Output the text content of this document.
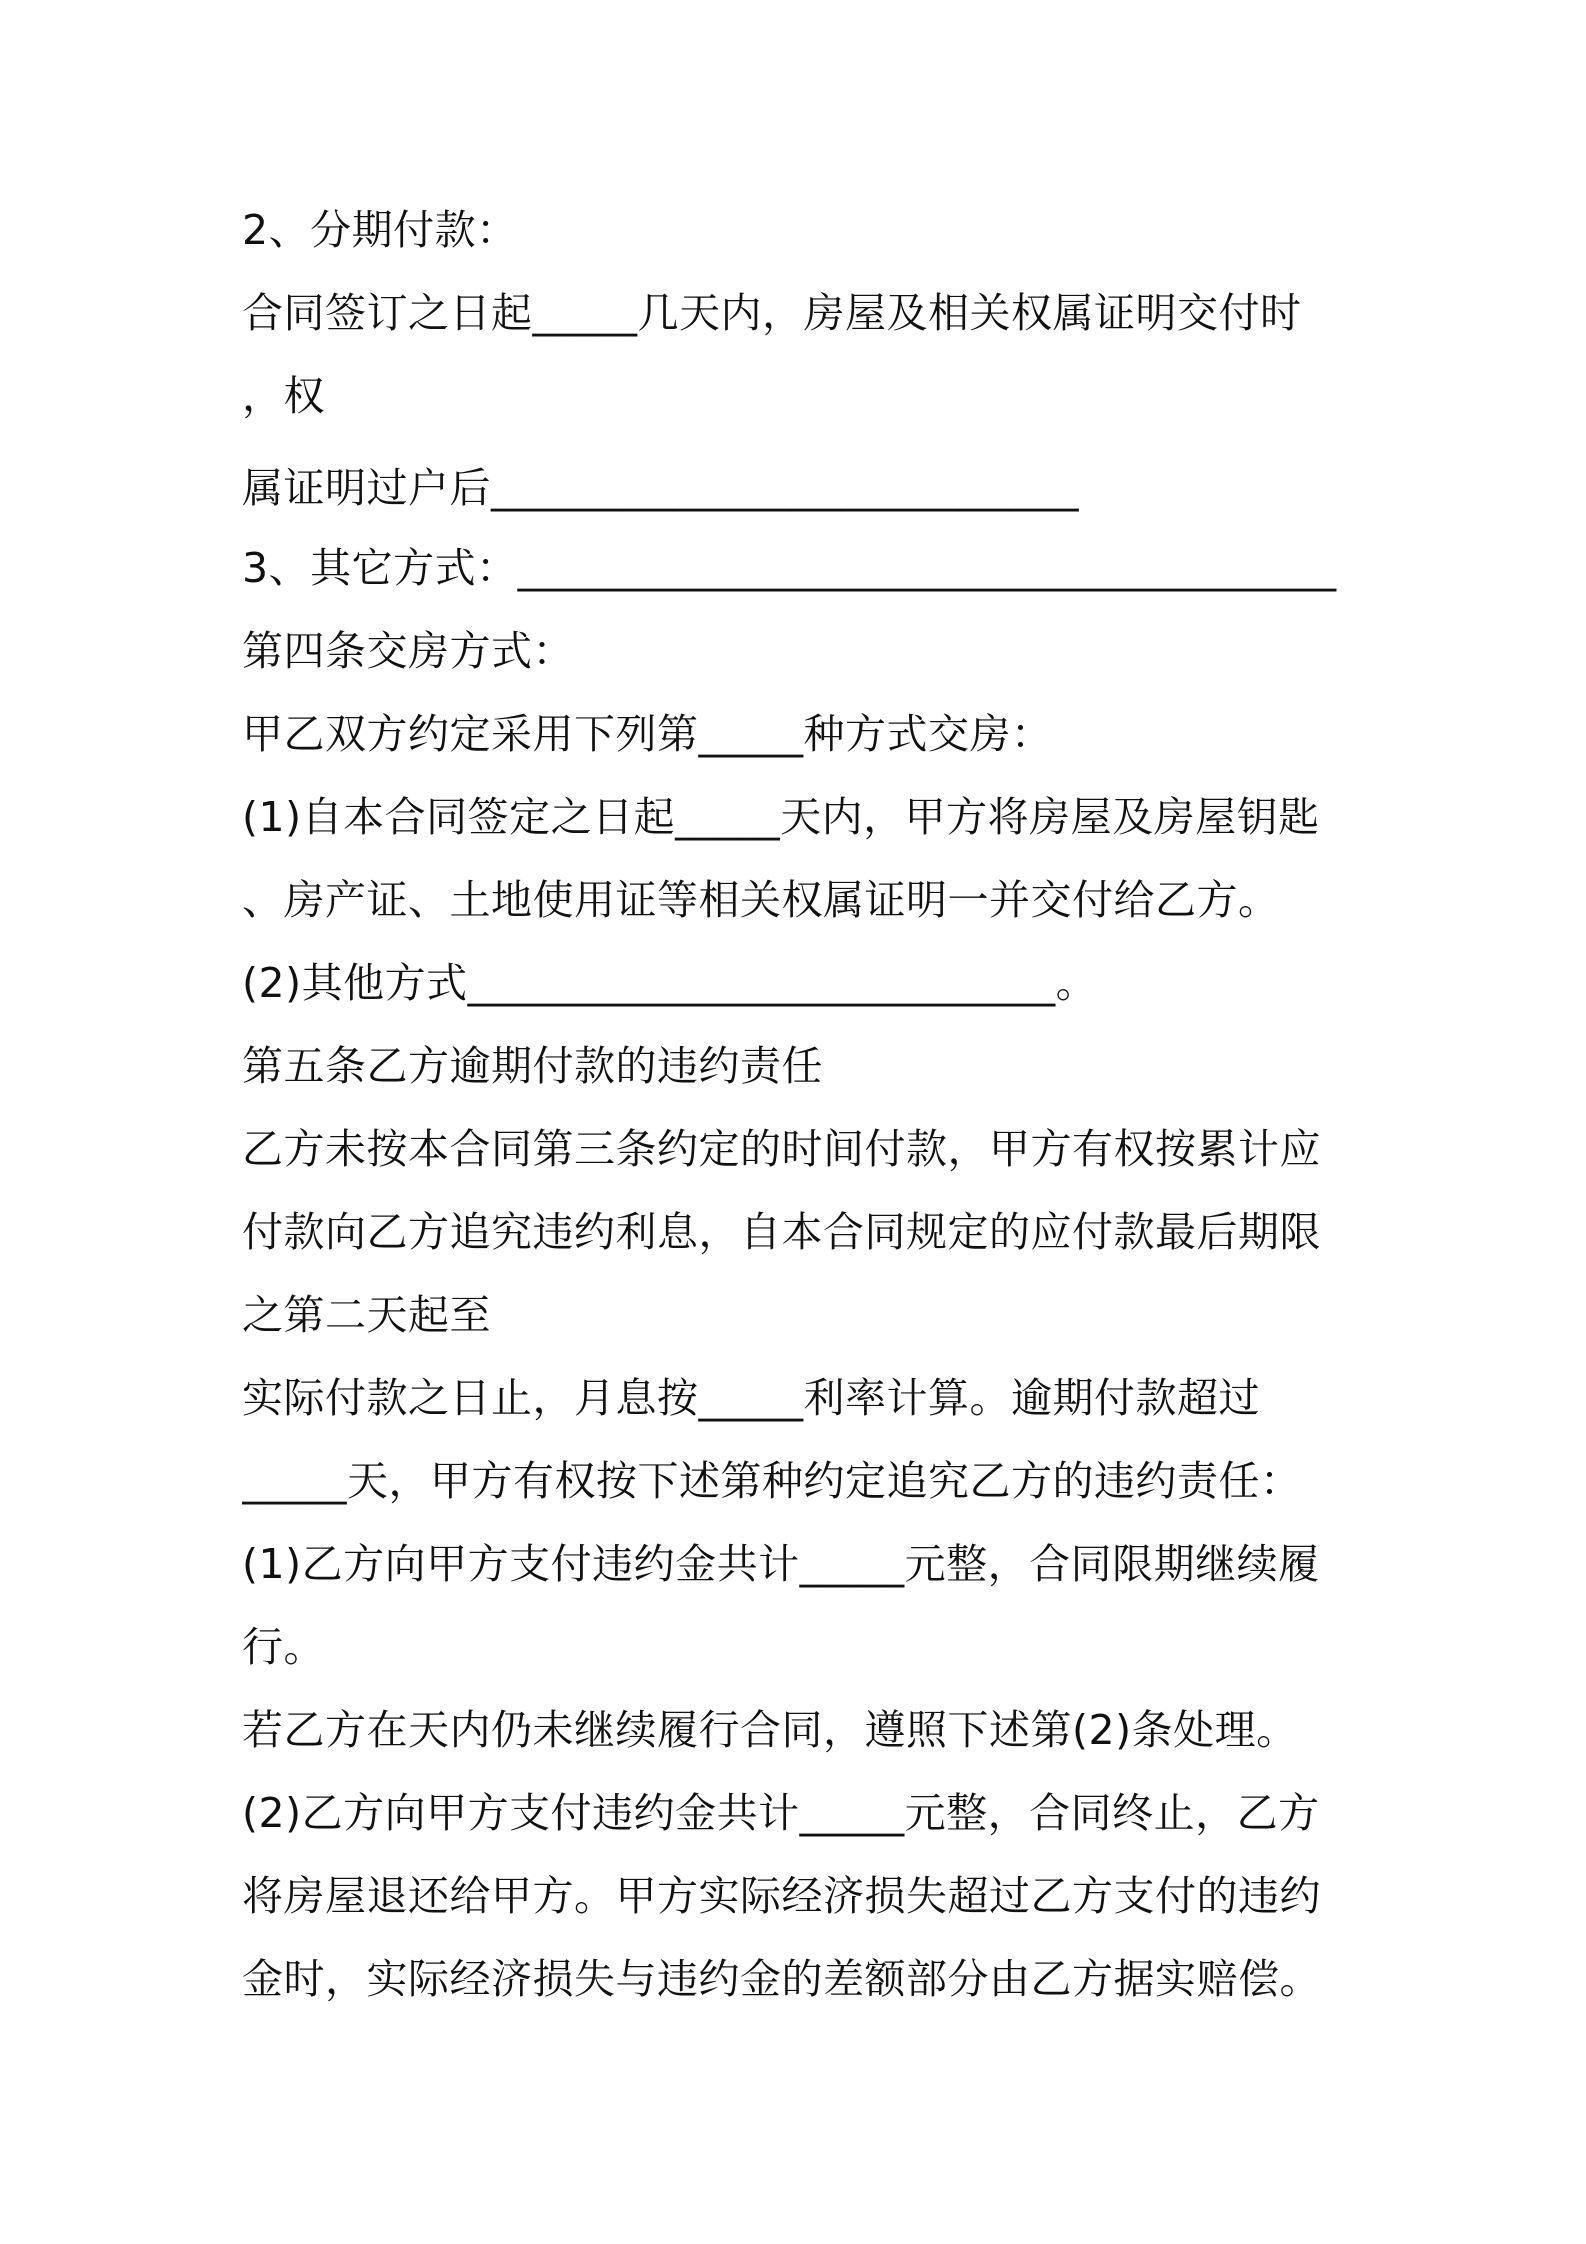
2、分期付款：
合同签订之日起_____几天内，房屋及相关权属证明交付时
，权
属证明过户后____________________________
3、其它方式：_______________________________________
第四条交房方式：
甲乙双方约定采用下列第_____种方式交房：
(1)自本合同签定之日起_____天内，甲方将房屋及房屋钥匙
、房产证、土地使用证等相关权属证明一并交付给乙方。
(2)其他方式____________________________。
第五条乙方逾期付款的违约责任
乙方未按本合同第三条约定的时间付款，甲方有权按累计应
付款向乙方追究违约利息，自本合同规定的应付款最后期限
之第二天起至
实际付款之日止，月息按_____利率计算。逾期付款超过
_____天，甲方有权按下述第种约定追究乙方的违约责任：
(1)乙方向甲方支付违约金共计_____元整，合同限期继续履
行。
若乙方在天内仍未继续履行合同，遵照下述第(2)条处理。
(2)乙方向甲方支付违约金共计_____元整，合同终止，乙方
将房屋退还给甲方。甲方实际经济损失超过乙方支付的违约
金时，实际经济损失与违约金的差额部分由乙方据实赔偿。
